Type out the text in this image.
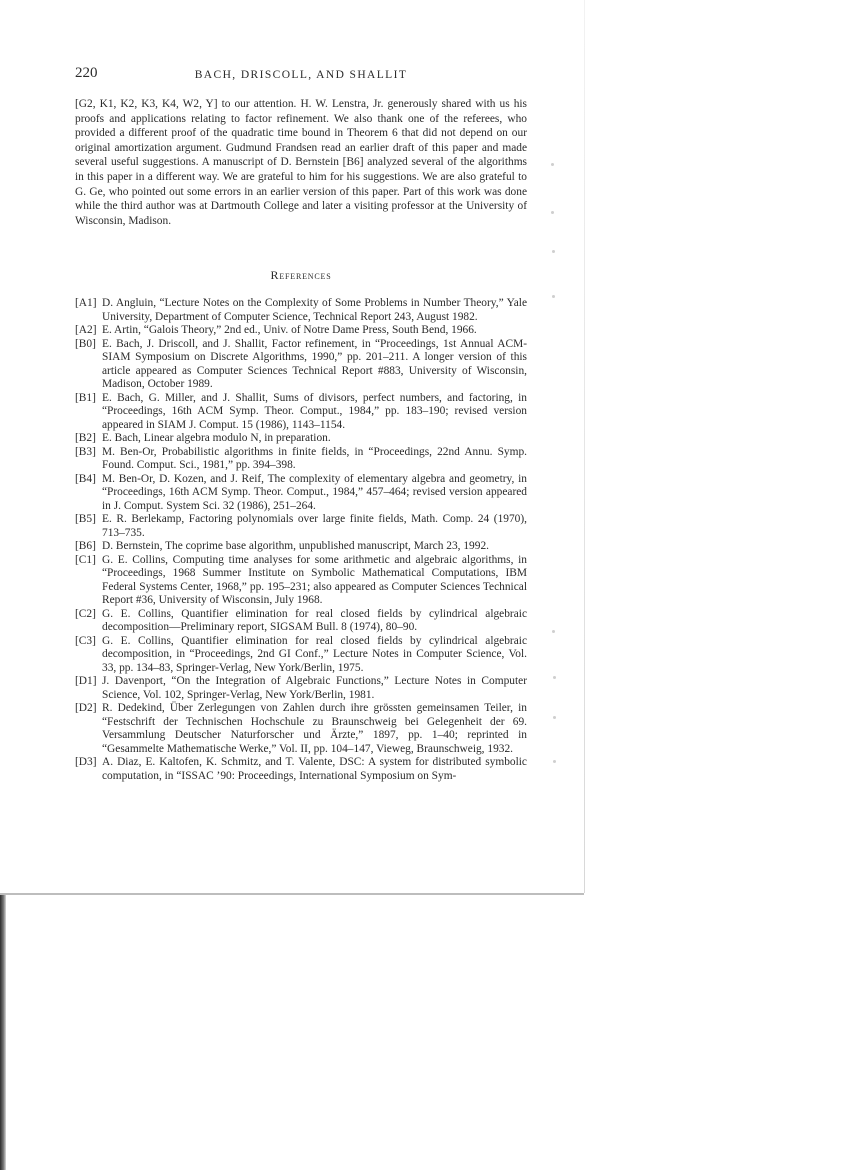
220	BACH, DRISCOLL, AND SHALLIT

[G2, K1, K2, K3, K4, W2, Y] to our attention. H. W. Lenstra, Jr. generously shared with us his proofs and applications relating to factor refinement. We also thank one of the referees, who provided a different proof of the quadratic time bound in Theorem 6 that did not depend on our original amortization argument. Gudmund Frandsen read an earlier draft of this paper and made several useful suggestions. A manuscript of D. Bernstein [B6] analyzed several of the algorithms in this paper in a different way. We are grateful to him for his suggestions. We are also grateful to G. Ge, who pointed out some errors in an earlier version of this paper. Part of this work was done while the third author was at Dartmouth College and later a visiting professor at the University of Wisconsin, Madison.

References

[A1] D. Angluin, “Lecture Notes on the Complexity of Some Problems in Number Theory,” Yale University, Department of Computer Science, Technical Report 243, August 1982.

[A2] E. Artin, “Galois Theory,” 2nd ed., Univ. of Notre Dame Press, South Bend, 1966.

[B0] E. Bach, J. Driscoll, and J. Shallit, Factor refinement, in “Proceedings, 1st Annual ACM-SIAM Symposium on Discrete Algorithms, 1990,” pp. 201–211. A longer version of this article appeared as Computer Sciences Technical Report #883, University of Wisconsin, Madison, October 1989.

[B1] E. Bach, G. Miller, and J. Shallit, Sums of divisors, perfect numbers, and factoring, in “Proceedings, 16th ACM Symp. Theor. Comput., 1984,” pp. 183–190; revised version appeared in SIAM J. Comput. 15 (1986), 1143–1154.

[B2] E. Bach, Linear algebra modulo N, in preparation.

[B3] M. Ben-Or, Probabilistic algorithms in finite fields, in “Proceedings, 22nd Annu. Symp. Found. Comput. Sci., 1981,” pp. 394–398.

[B4] M. Ben-Or, D. Kozen, and J. Reif, The complexity of elementary algebra and geometry, in “Proceedings, 16th ACM Symp. Theor. Comput., 1984,” 457–464; revised version appeared in J. Comput. System Sci. 32 (1986), 251–264.

[B5] E. R. Berlekamp, Factoring polynomials over large finite fields, Math. Comp. 24 (1970), 713–735.

[B6] D. Bernstein, The coprime base algorithm, unpublished manuscript, March 23, 1992.

[C1] G. E. Collins, Computing time analyses for some arithmetic and algebraic algorithms, in “Proceedings, 1968 Summer Institute on Symbolic Mathematical Computations, IBM Federal Systems Center, 1968,” pp. 195–231; also appeared as Computer Sciences Technical Report #36, University of Wisconsin, July 1968.

[C2] G. E. Collins, Quantifier elimination for real closed fields by cylindrical algebraic decomposition—Preliminary report, SIGSAM Bull. 8 (1974), 80–90.

[C3] G. E. Collins, Quantifier elimination for real closed fields by cylindrical algebraic decomposition, in “Proceedings, 2nd GI Conf.,” Lecture Notes in Computer Science, Vol. 33, pp. 134–83, Springer-Verlag, New York/Berlin, 1975.

[D1] J. Davenport, “On the Integration of Algebraic Functions,” Lecture Notes in Computer Science, Vol. 102, Springer-Verlag, New York/Berlin, 1981.

[D2] R. Dedekind, Über Zerlegungen von Zahlen durch ihre grössten gemeinsamen Teiler, in “Festschrift der Technischen Hochschule zu Braunschweig bei Gelegenheit der 69. Versammlung Deutscher Naturforscher und Ärzte,” 1897, pp. 1–40; reprinted in “Gesammelte Mathematische Werke,” Vol. II, pp. 104–147, Vieweg, Braunschweig, 1932.

[D3] A. Diaz, E. Kaltofen, K. Schmitz, and T. Valente, DSC: A system for distributed symbolic computation, in “ISSAC ’90: Proceedings, International Symposium on Sym-
